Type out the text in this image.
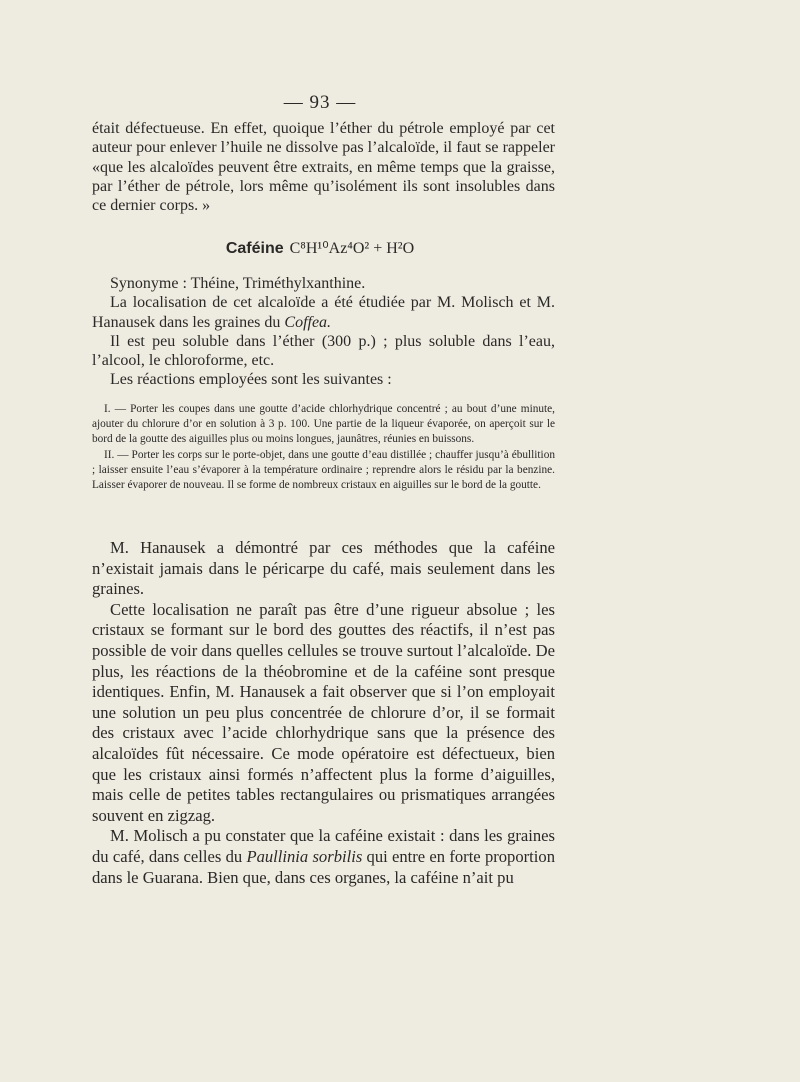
— 93 —
était défectueuse. En effet, quoique l’éther du pétrole employé par cet auteur pour enlever l’huile ne dissolve pas l’alcaloïde, il faut se rappeler «que les alcaloïdes peuvent être extraits, en même temps que la graisse, par l’éther de pétrole, lors même qu’isolément ils sont insolubles dans ce dernier corps. »
Caféine C⁸H¹⁰Az⁴O² + H²O
Synonyme : Théine, Triméthylxanthine.
La localisation de cet alcaloïde a été étudiée par M. Molisch et M. Hanausek dans les graines du Coffea.
Il est peu soluble dans l’éther (300 p.) ; plus soluble dans l’eau, l’alcool, le chloroforme, etc.
Les réactions employées sont les suivantes :
I. — Porter les coupes dans une goutte d’acide chlorhydrique concentré ; au bout d’une minute, ajouter du chlorure d’or en solution à 3 p. 100. Une partie de la liqueur évaporée, on aperçoit sur le bord de la goutte des aiguilles plus ou moins longues, jaunâtres, réunies en buissons.
II. — Porter les corps sur le porte-objet, dans une goutte d’eau distillée ; chauffer jusqu’à ébullition ; laisser ensuite l’eau s’évaporer à la température ordinaire ; reprendre alors le résidu par la benzine. Laisser évaporer de nouveau. Il se forme de nombreux cristaux en aiguilles sur le bord de la goutte.
M. Hanausek a démontré par ces méthodes que la caféine n’existait jamais dans le péricarpe du café, mais seulement dans les graines.
Cette localisation ne paraît pas être d’une rigueur absolue ; les cristaux se formant sur le bord des gouttes des réactifs, il n’est pas possible de voir dans quelles cellules se trouve surtout l’alcaloïde. De plus, les réactions de la théobromine et de la caféine sont presque identiques. Enfin, M. Hanausek a fait observer que si l’on employait une solution un peu plus concentrée de chlorure d’or, il se formait des cristaux avec l’acide chlorhydrique sans que la présence des alcaloïdes fût nécessaire. Ce mode opératoire est défectueux, bien que les cristaux ainsi formés n’affectent plus la forme d’aiguilles, mais celle de petites tables rectangulaires ou prismatiques arrangées souvent en zigzag.
M. Molisch a pu constater que la caféine existait : dans les graines du café, dans celles du Paullinia sorbilis qui entre en forte proportion dans le Guarana. Bien que, dans ces organes, la caféine n’ait pu
